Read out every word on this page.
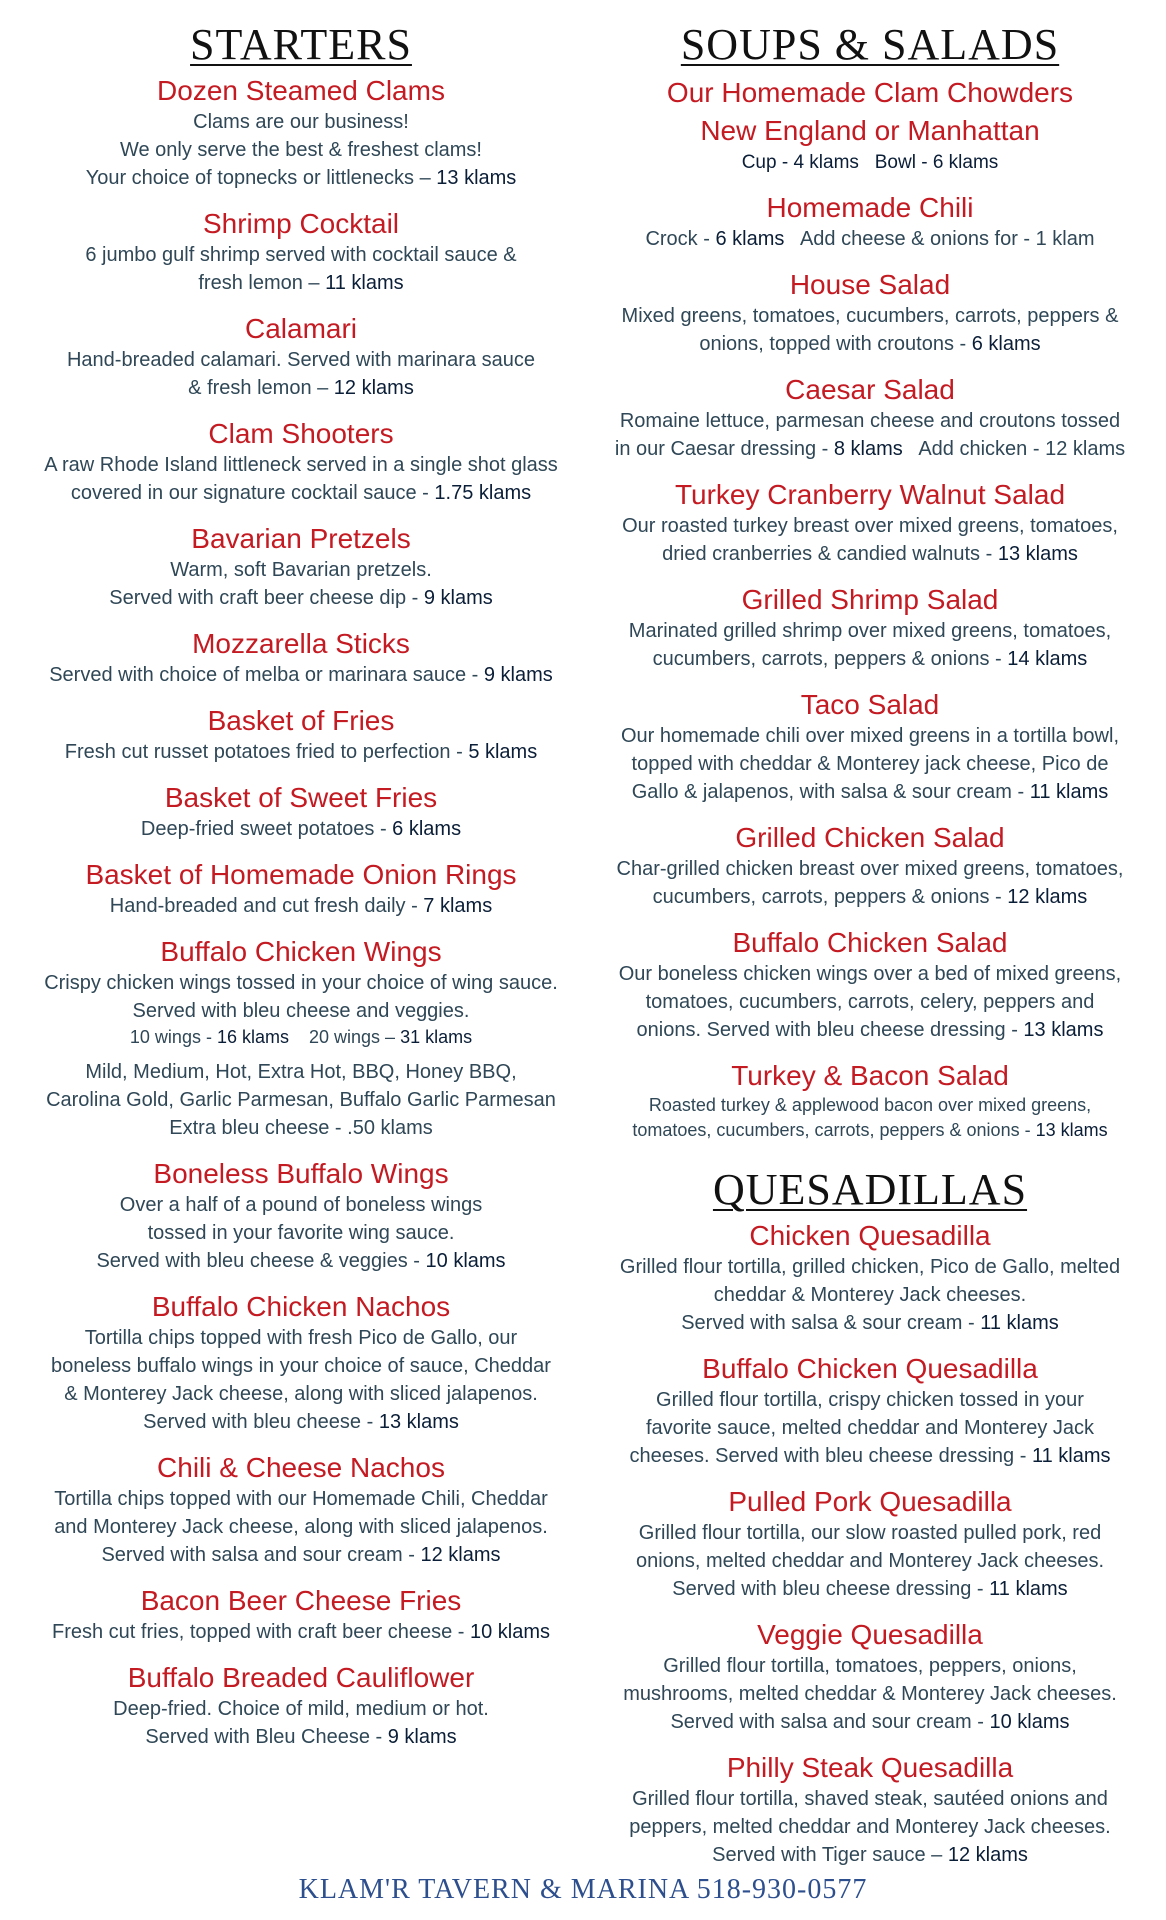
STARTERS
Dozen Steamed Clams
Clams are our business!
We only serve the best & freshest clams!
Your choice of topnecks or littlenecks – 13 klams
Shrimp Cocktail
6 jumbo gulf shrimp served with cocktail sauce &
fresh lemon – 11 klams
Calamari
Hand-breaded calamari. Served with marinara sauce
& fresh lemon – 12 klams
Clam Shooters
A raw Rhode Island littleneck served in a single shot glass
covered in our signature cocktail sauce - 1.75 klams
Bavarian Pretzels
Warm, soft Bavarian pretzels.
Served with craft beer cheese dip - 9 klams
Mozzarella Sticks
Served with choice of melba or marinara sauce - 9 klams
Basket of Fries
Fresh cut russet potatoes fried to perfection - 5 klams
Basket of Sweet Fries
Deep-fried sweet potatoes - 6 klams
Basket of Homemade Onion Rings
Hand-breaded and cut fresh daily - 7 klams
Buffalo Chicken Wings
Crispy chicken wings tossed in your choice of wing sauce.
Served with bleu cheese and veggies.
10 wings - 16 klams 20 wings – 31 klams
Mild, Medium, Hot, Extra Hot, BBQ, Honey BBQ,
Carolina Gold, Garlic Parmesan, Buffalo Garlic Parmesan
Extra bleu cheese - .50 klams
Boneless Buffalo Wings
Over a half of a pound of boneless wings
tossed in your favorite wing sauce.
Served with bleu cheese & veggies - 10 klams
Buffalo Chicken Nachos
Tortilla chips topped with fresh Pico de Gallo, our
boneless buffalo wings in your choice of sauce, Cheddar
& Monterey Jack cheese, along with sliced jalapenos.
Served with bleu cheese - 13 klams
Chili & Cheese Nachos
Tortilla chips topped with our Homemade Chili, Cheddar
and Monterey Jack cheese, along with sliced jalapenos.
Served with salsa and sour cream - 12 klams
Bacon Beer Cheese Fries
Fresh cut fries, topped with craft beer cheese - 10 klams
Buffalo Breaded Cauliflower
Deep-fried. Choice of mild, medium or hot.
Served with Bleu Cheese - 9 klams
SOUPS & SALADS
Our Homemade Clam Chowders
New England or Manhattan
Cup - 4 klams Bowl - 6 klams
Homemade Chili
Crock - 6 klams Add cheese & onions for - 1 klam
House Salad
Mixed greens, tomatoes, cucumbers, carrots, peppers &
onions, topped with croutons - 6 klams
Caesar Salad
Romaine lettuce, parmesan cheese and croutons tossed
in our Caesar dressing - 8 klams Add chicken - 12 klams
Turkey Cranberry Walnut Salad
Our roasted turkey breast over mixed greens, tomatoes,
dried cranberries & candied walnuts - 13 klams
Grilled Shrimp Salad
Marinated grilled shrimp over mixed greens, tomatoes,
cucumbers, carrots, peppers & onions - 14 klams
Taco Salad
Our homemade chili over mixed greens in a tortilla bowl,
topped with cheddar & Monterey jack cheese, Pico de
Gallo & jalapenos, with salsa & sour cream - 11 klams
Grilled Chicken Salad
Char-grilled chicken breast over mixed greens, tomatoes,
cucumbers, carrots, peppers & onions - 12 klams
Buffalo Chicken Salad
Our boneless chicken wings over a bed of mixed greens,
tomatoes, cucumbers, carrots, celery, peppers and
onions. Served with bleu cheese dressing - 13 klams
Turkey & Bacon Salad
Roasted turkey & applewood bacon over mixed greens,
tomatoes, cucumbers, carrots, peppers & onions - 13 klams
QUESADILLAS
Chicken Quesadilla
Grilled flour tortilla, grilled chicken, Pico de Gallo, melted
cheddar & Monterey Jack cheeses.
Served with salsa & sour cream - 11 klams
Buffalo Chicken Quesadilla
Grilled flour tortilla, crispy chicken tossed in your
favorite sauce, melted cheddar and Monterey Jack
cheeses. Served with bleu cheese dressing - 11 klams
Pulled Pork Quesadilla
Grilled flour tortilla, our slow roasted pulled pork, red
onions, melted cheddar and Monterey Jack cheeses.
Served with bleu cheese dressing - 11 klams
Veggie Quesadilla
Grilled flour tortilla, tomatoes, peppers, onions,
mushrooms, melted cheddar & Monterey Jack cheeses.
Served with salsa and sour cream - 10 klams
Philly Steak Quesadilla
Grilled flour tortilla, shaved steak, sautéed onions and
peppers, melted cheddar and Monterey Jack cheeses.
Served with Tiger sauce – 12 klams
KLAM'R TAVERN & MARINA 518-930-0577
